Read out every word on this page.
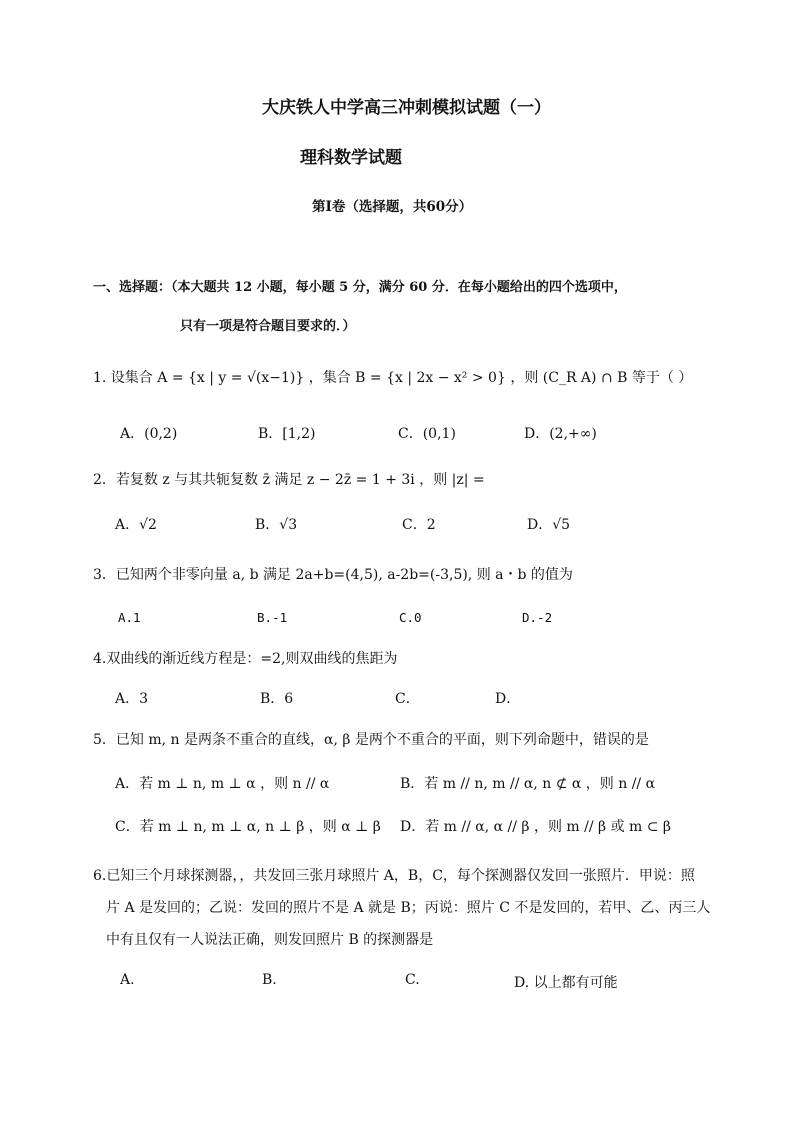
大庆铁人中学高三冲刺模拟试题（一）
理科数学试题
第Ⅰ卷（选择题，共60分）
一、选择题：（本大题共 12 小题，每小题 5 分，满分 60 分．在每小题给出的四个选项中，
只有一项是符合题目要求的．）
1. 设集合 A = {x | y = √(x−1)} ，集合 B = {x | 2x − x² > 0} ，则 (C_R A) ∩ B 等于（ ）
A．(0,2)	B．[1,2)	C．(0,1)	D．(2,+∞)
2．若复数 z 与其共轭复数 z̄ 满足 z − 2z̄ = 1 + 3i ，则 |z| =
A．√2	B．√3	C．2	D．√5
3．已知两个非零向量 a, b 满足 2a+b=(4,5), a-2b=(-3,5), 则 a・b 的值为
A.1	B.-1	C.0	D.-2
4.双曲线的渐近线方程是：=2,则双曲线的焦距为
A．3	B．6	C．	D．
5．已知 m, n 是两条不重合的直线，α, β 是两个不重合的平面，则下列命题中，错误的是
A．若 m ⊥ n, m ⊥ α ，则 n // α	B．若 m // n, m // α, n ⊄ α ，则 n // α
C．若 m ⊥ n, m ⊥ α, n ⊥ β ，则 α ⊥ β D．若 m // α, α // β ，则 m // β 或 m ⊂ β
6.已知三个月球探测器，，共发回三张月球照片 A，B，C，每个探测器仅发回一张照片．甲说：照
片 A 是发回的；乙说：发回的照片不是 A 就是 B；丙说：照片 C 不是发回的，若甲、乙、丙三人
中有且仅有一人说法正确，则发回照片 B 的探测器是
A.	B.	C.	D. 以上都有可能
